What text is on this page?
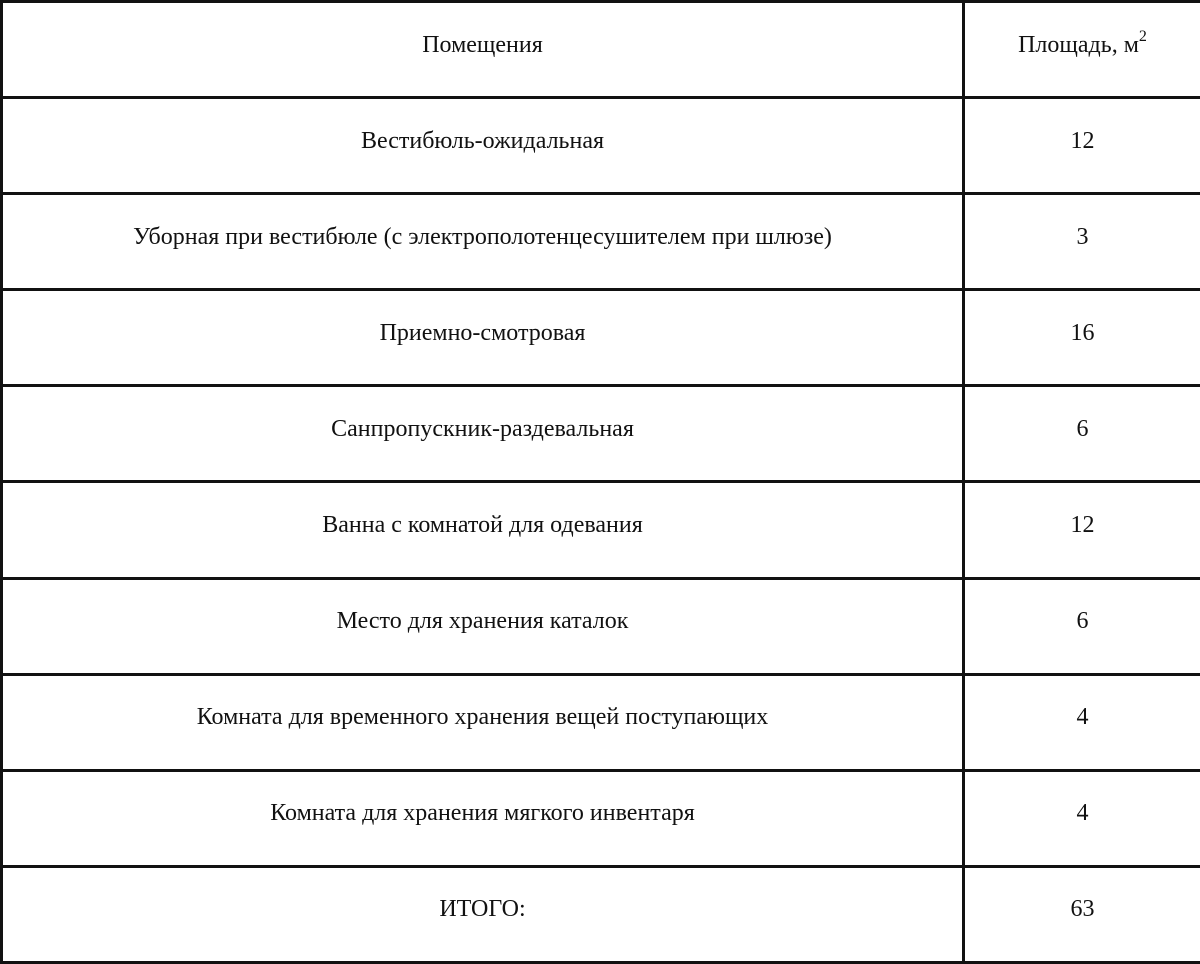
Помещения	Площадь, $м^2$
Вестибюль-ожидальная	12
Уборная при вестибюле (с электрополотенцесушителем при шлюзе)	3
Приемно-смотровая	16
Санпропускник-раздевальная	6
Ванна с комнатой для одевания	12
Место для хранения каталок	6
Комната для временного хранения вещей поступающих	4
Комната для хранения мягкого инвентаря	4
ИТОГО:	63
